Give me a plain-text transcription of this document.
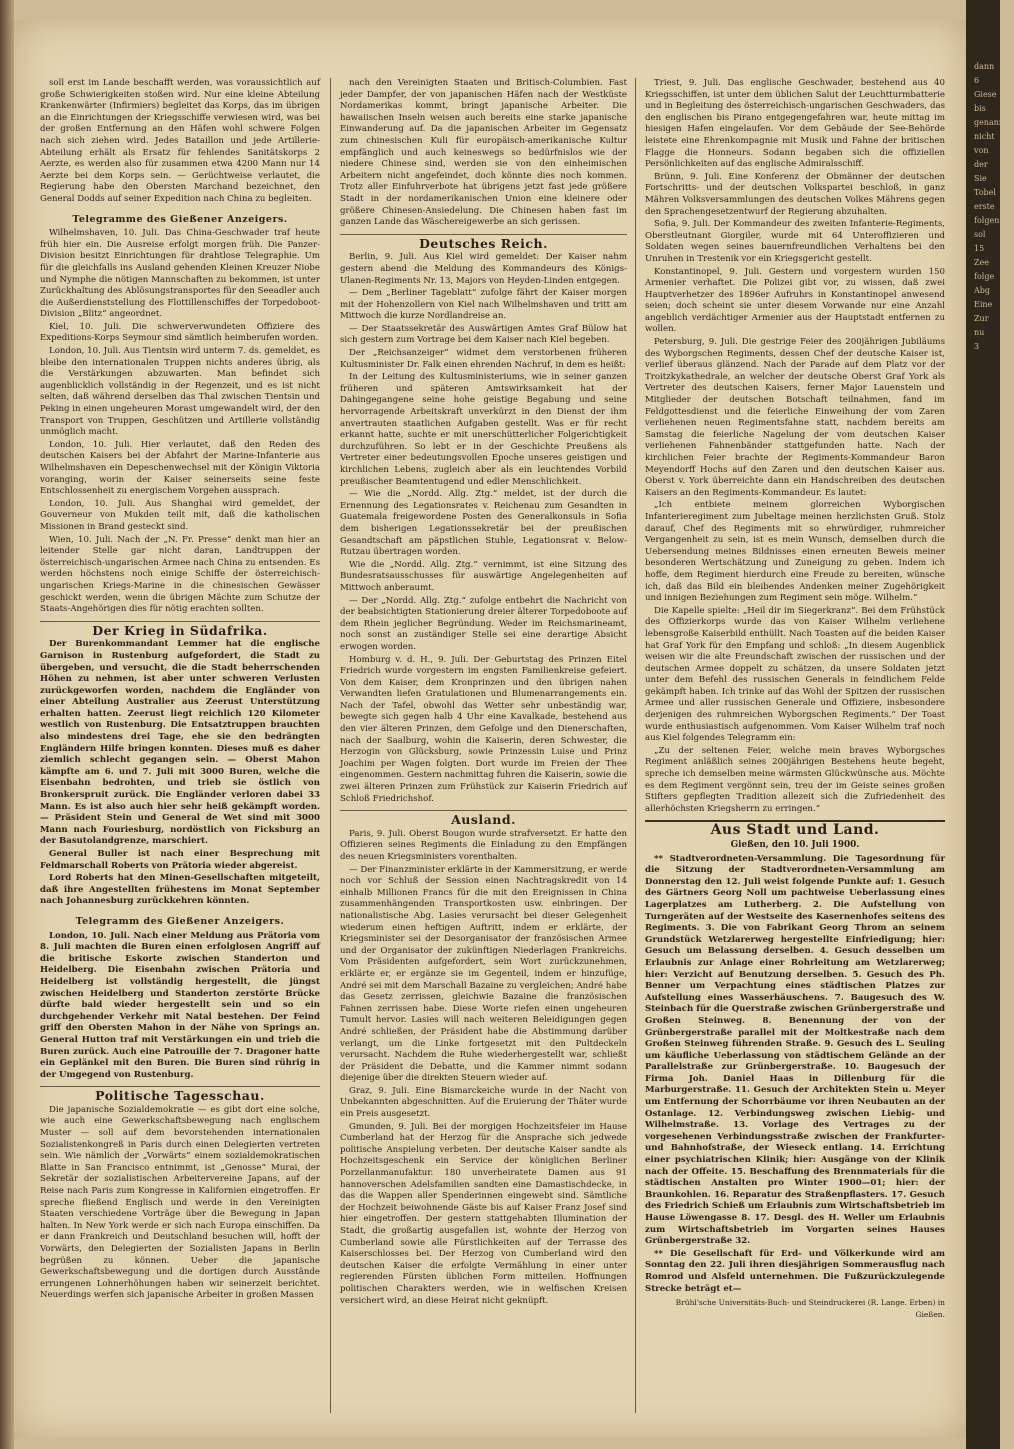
soll erst im Lande beschafft werden, was voraussichtlich auf große Schwierigkeiten stoßen wird. Nur eine kleine Abteilung Krankenwärter (Infirmiers) begleitet das Korps, das im übrigen an die Einrichtungen der Kriegsschiffe verwiesen wird, was bei der großen Entfernung an den Häfen wohl schwere Folgen nach sich ziehen wird. Jedes Bataillon und jede Artillerie-Abteilung erhält als Ersatz für fehlendes Sanitätskorps 2 Aerzte, es werden also für zusammen etwa 4200 Mann nur 14 Aerzte bei dem Korps sein. — Gerüchtweise verlautet, die Regierung habe den Obersten Marchand bezeichnet, den General Dodds auf seiner Expedition nach China zu begleiten.

Telegramme des Gießener Anzeigers.

Wilhelmshaven, 10. Juli. Das China-Geschwader traf heute früh hier ein. Die Ausreise erfolgt morgen früh. Die Panzer-Division besitzt Einrichtungen für drahtlose Telegraphie. Um für die gleichfalls ins Ausland gehenden Kleinen Kreuzer Niobe und Nymphe die nötigen Mannschaften zu bekommen, ist unter Zurückhaltung des Ablösungstransportes für den Seeadler auch die Außerdienststellung des Flottillenschiffes der Torpedoboot-Division „Blitz“ angeordnet.

Kiel, 10. Juli. Die schwerverwundeten Offiziere des Expeditions-Korps Seymour sind sämtlich heimberufen worden.

London, 10. Juli. Aus Tientsin wird unterm 7. ds. gemeldet, es bleibe den internationalen Truppen nichts anderes übrig, als die Verstärkungen abzuwarten. Man befindet sich augenblicklich vollständig in der Regenzeit, und es ist nicht selten, daß während derselben das Thal zwischen Tientsin und Peking in einen ungeheuren Morast umgewandelt wird, der den Transport von Truppen, Geschützen und Artillerie vollständig unmöglich macht.

London, 10. Juli. Hier verlautet, daß den Reden des deutschen Kaisers bei der Abfahrt der Marine-Infanterie aus Wilhelmshaven ein Depeschenwechsel mit der Königin Viktoria voranging, worin der Kaiser seinerseits seine feste Entschlossenheit zu energischem Vorgehen aussprach.

London, 10. Juli. Aus Shanghai wird gemeldet, der Gouverneur von Mukden teilt mit, daß die katholischen Missionen in Brand gesteckt sind.

Wien, 10. Juli. Nach der „N. Fr. Presse“ denkt man hier an leitender Stelle gar nicht daran, Landtruppen der österreichisch-ungarischen Armee nach China zu entsenden. Es werden höchstens noch einige Schiffe der österreichisch-ungarischen Kriegs-Marine in die chinesischen Gewässer geschickt werden, wenn die übrigen Mächte zum Schutze der Staats-Angehörigen dies für nötig erachten sollten.

Der Krieg in Südafrika.

Der Burenkommandant Lemmer hat die englische Garnison in Rustenburg aufgefordert, die Stadt zu übergeben, und versucht, die die Stadt beherrschenden Höhen zu nehmen, ist aber unter schweren Verlusten zurückgeworfen worden, nachdem die Engländer von einer Abteilung Australier aus Zeerust Unterstützung erhalten hatten. Zeerust liegt reichlich 120 Kilometer westlich von Rustenburg. Die Entsatztruppen brauchten also mindestens drei Tage, ehe sie den bedrängten Engländern Hilfe bringen konnten. Dieses muß es daher ziemlich schlecht gegangen sein. — Oberst Mahon kämpfte am 6. und 7. Juli mit 3000 Buren, welche die Eisenbahn bedrohten, und trieb sie östlich von Bronkerspruit zurück. Die Engländer verloren dabei 33 Mann. Es ist also auch hier sehr heiß gekämpft worden. — Präsident Stein und General de Wet sind mit 3000 Mann nach Fouriesburg, nordöstlich von Ficksburg an der Basutolandgrenze, marschiert.

General Buller ist nach einer Besprechung mit Feldmarschall Roberts von Prätoria wieder abgereist.

Lord Roberts hat den Minen-Gesellschaften mitgeteilt, daß ihre Angestellten frühestens im Monat September nach Johannesburg zurückkehren könnten.

Telegramm des Gießener Anzeigers.

London, 10. Juli. Nach einer Meldung aus Prätoria vom 8. Juli machten die Buren einen erfolglosen Angriff auf die britische Eskorte zwischen Standerton und Heidelberg. Die Eisenbahn zwischen Prätoria und Heidelberg ist vollständig hergestellt, die jüngst zwischen Heidelberg und Standerton zerstörte Brücke dürfte bald wieder hergestellt sein und so ein durchgehender Verkehr mit Natal bestehen. Der Feind griff den Obersten Mahon in der Nähe von Springs an. General Hutton traf mit Verstärkungen ein und trieb die Buren zurück. Auch eine Patrouille der 7. Dragoner hatte ein Geplänkel mit den Buren. Die Buren sind rührig in der Umgegend von Rustenburg.

Politische Tagesschau.

Die japanische Sozialdemokratie — es gibt dort eine solche, wie auch eine Gewerkschaftsbewegung nach englischem Muster — soll auf dem bevorstehenden internationalen Sozialistenkongreß in Paris durch einen Delegierten vertreten sein. Wie nämlich der „Vorwärts“ einem sozialdemokratischen Blatte in San Francisco entnimmt, ist „Genosse“ Murai, der Sekretär der sozialistischen Arbeitervereine Japans, auf der Reise nach Paris zum Kongresse in Kalifornien eingetroffen. Er spreche fließend Englisch und werde in den Vereinigten Staaten verschiedene Vorträge über die Bewegung in Japan halten. In New York werde er sich nach Europa einschiffen. Da er dann Frankreich und Deutschland besuchen will, hofft der Vorwärts, den Delegierten der Sozialisten Japans in Berlin begrüßen zu können. Ueber die japanische Gewerkschaftsbewegung und die dortigen durch Ausstände errungenen Lohnerhöhungen haben wir seinerzeit berichtet. Neuerdings werfen sich japanische Arbeiter in großen Massen

nach den Vereinigten Staaten und Britisch-Columbien. Fast jeder Dampfer, der von japanischen Häfen nach der Westküste Nordamerikas kommt, bringt japanische Arbeiter. Die hawaiischen Inseln weisen auch bereits eine starke japanische Einwanderung auf. Da die japanischen Arbeiter im Gegensatz zum chinesischen Kuli für europäisch-amerikanische Kultur empfänglich und auch keineswegs so bedürfnislos wie der niedere Chinese sind, werden sie von den einheimischen Arbeitern nicht angefeindet, doch könnte dies noch kommen. Trotz aller Einfuhrverbote hat übrigens jetzt fast jede größere Stadt in der nordamerikanischen Union eine kleinere oder größere Chinesen-Ansiedelung. Die Chinesen haben fast im ganzen Lande das Wäschereigewerbe an sich gerissen.

Deutsches Reich.

Berlin, 9. Juli. Aus Kiel wird gemeldet: Der Kaiser nahm gestern abend die Meldung des Kommandeurs des Königs-Ulanen-Regiments Nr. 13, Majors von Heyden-Linden entgegen.

— Dem „Berliner Tageblatt“ zufolge fährt der Kaiser morgen mit der Hohenzollern von Kiel nach Wilhelmshaven und tritt am Mittwoch die kurze Nordlandreise an.

— Der Staatssekretär des Auswärtigen Amtes Graf Bülow hat sich gestern zum Vortrage bei dem Kaiser nach Kiel begeben.

Der „Reichsanzeiger“ widmet dem verstorbenen früheren Kultusminister Dr. Falk einen ehrenden Nachruf, in dem es heißt:

In der Leitung des Kultusministeriums, wie in seiner ganzen früheren und späteren Amtswirksamkeit hat der Dahingegangene seine hohe geistige Begabung und seine hervorragende Arbeitskraft unverkürzt in den Dienst der ihm anvertrauten staatlichen Aufgaben gestellt. Was er für recht erkannt hatte, suchte er mit unerschütterlicher Folgerichtigkeit durchzuführen. So lebt er in der Geschichte Preußens als Vertreter einer bedeutungsvollen Epoche unseres geistigen und kirchlichen Lebens, zugleich aber als ein leuchtendes Vorbild preußischer Beamtentugend und edler Menschlichkeit.

— Wie die „Nordd. Allg. Ztg.“ meldet, ist der durch die Ernennung des Legationsrates v. Reichenau zum Gesandten in Guatemala freigewordene Posten des Generalkonsuls in Sofia dem bisherigen Legationssekretär bei der preußischen Gesandtschaft am päpstlichen Stuhle, Legationsrat v. Below-Rutzau übertragen worden.

Wie die „Nordd. Allg. Ztg.“ vernimmt, ist eine Sitzung des Bundesratsausschusses für auswärtige Angelegenheiten auf Mittwoch anberaumt.

— Der „Nordd. Allg. Ztg.“ zufolge entbehrt die Nachricht von der beabsichtigten Stationierung dreier älterer Torpedoboote auf dem Rhein jeglicher Begründung. Weder im Reichsmarineamt, noch sonst an zuständiger Stelle sei eine derartige Absicht erwogen worden.

Homburg v. d. H., 9. Juli. Der Geburtstag des Prinzen Eitel Friedrich wurde vorgestern im engsten Familienkreise gefeiert. Von dem Kaiser, dem Kronprinzen und den übrigen nahen Verwandten liefen Gratulationen und Blumenarrangements ein. Nach der Tafel, obwohl das Wetter sehr unbeständig war, bewegte sich gegen halb 4 Uhr eine Kavalkade, bestehend aus den vier älteren Prinzen, dem Gefolge und den Dienerschaften, nach der Saalburg, wohin die Kaiserin, deren Schwester, die Herzogin von Glücksburg, sowie Prinzessin Luise und Prinz Joachim per Wagen folgten. Dort wurde im Freien der Thee eingenommen. Gestern nachmittag fuhren die Kaiserin, sowie die zwei älteren Prinzen zum Frühstück zur Kaiserin Friedrich auf Schloß Friedrichshof.

Ausland.

Paris, 9. Juli. Oberst Bougon wurde strafversetzt. Er hatte den Offizieren seines Regiments die Einladung zu den Empfängen des neuen Kriegsministers vorenthalten.

— Der Finanzminister erklärte in der Kammersitzung, er werde noch vor Schluß der Session einen Nachtragskredit von 14 einhalb Millionen Francs für die mit den Ereignissen in China zusammenhängenden Transportkosten usw. einbringen. Der nationalistische Abg. Lasies verursacht bei dieser Gelegenheit wiederum einen heftigen Auftritt, indem er erklärte, der Kriegsminister sei der Desorganisator der französischen Armee und der Organisator der zukünftigen Niederlagen Frankreichs. Vom Präsidenten aufgefordert, sein Wort zurückzunehmen, erklärte er, er ergänze sie im Gegenteil, indem er hinzufüge, André sei mit dem Marschall Bazaine zu vergleichen; André habe das Gesetz zerrissen, gleichwie Bazaine die französischen Fahnen zerrissen habe. Diese Worte riefen einen ungeheuren Tumult hervor. Lasies will nach weiteren Beleidigungen gegen André schließen, der Präsident habe die Abstimmung darüber verlangt, um die Linke fortgesetzt mit den Pultdeckeln verursacht. Nachdem die Ruhe wiederhergestellt war, schließt der Präsident die Debatte, und die Kammer nimmt sodann diejenige über die direkten Steuern wieder auf.

Graz, 9. Juli. Eine Bismarckeiche wurde in der Nacht von Unbekannten abgeschnitten. Auf die Eruierung der Thäter wurde ein Preis ausgesetzt.

Gmunden, 9. Juli. Bei der morgigen Hochzeitsfeier im Hause Cumberland hat der Herzog für die Ansprache sich jedwede politische Anspielung verbeten. Der deutsche Kaiser sandte als Hochzeitsgeschenk ein Service der königlichen Berliner Porzellanmanufaktur. 180 unverheiratete Damen aus 91 hannoverschen Adelsfamilien sandten eine Damastischdecke, in das die Wappen aller Spenderinnen eingewebt sind. Sämtliche der Hochzeit beiwohnende Gäste bis auf Kaiser Franz Josef sind hier eingetroffen. Der gestern stattgehabten Illumination der Stadt, die großartig ausgefallen ist, wohnte der Herzog von Cumberland sowie alle Fürstlichkeiten auf der Terrasse des Kaiserschlosses bei. Der Herzog von Cumberland wird den deutschen Kaiser die erfolgte Vermählung in einer unter regierenden Fürsten üblichen Form mitteilen. Hoffnungen politischen Charakters werden, wie in welfischen Kreisen versichert wird, an diese Heirat nicht geknüpft.

Triest, 9. Juli. Das englische Geschwader, bestehend aus 40 Kriegsschiffen, ist unter dem üblichen Salut der Leuchtturmbatterie und in Begleitung des österreichisch-ungarischen Geschwaders, das den englischen bis Pirano entgegengefahren war, heute mittag im hiesigen Hafen eingelaufen. Vor dem Gebäude der See-Behörde leistete eine Ehrenkompagnie mit Musik und Fahne der britischen Flagge die Honneurs. Sodann begaben sich die offiziellen Persönlichkeiten auf das englische Admiralsschiff.

Brünn, 9. Juli. Eine Konferenz der Obmänner der deutschen Fortschritts- und der deutschen Volkspartei beschloß, in ganz Mähren Volksversammlungen des deutschen Volkes Mährens gegen den Sprachengesetzentwurf der Regierung abzuhalten.

Sofia, 9. Juli. Der Kommandeur des zweiten Infanterie-Regiments, Oberstleutnant Giorgiler, wurde mit 64 Unteroffizieren und Soldaten wegen seines bauernfreundlichen Verhaltens bei den Unruhen in Trestenik vor ein Kriegsgericht gestellt.

Konstantinopel, 9. Juli. Gestern und vorgestern wurden 150 Armenier verhaftet. Die Polizei gibt vor, zu wissen, daß zwei Hauptverhetzer des 1896er Aufruhrs in Konstantinopel anwesend seien; doch scheint sie unter diesem Vorwande nur eine Anzahl angeblich verdächtiger Armenier aus der Hauptstadt entfernen zu wollen.

Petersburg, 9. Juli. Die gestrige Feier des 200jährigen Jubiläums des Wyborgschen Regiments, dessen Chef der deutsche Kaiser ist, verlief überaus glänzend. Nach der Parade auf dem Platz vor der Troitzkykathedrale, an welcher der deutsche Oberst Graf York als Vertreter des deutschen Kaisers, ferner Major Lauenstein und Mitglieder der deutschen Botschaft teilnahmen, fand im Feldgottesdienst und die feierliche Einweihung der vom Zaren verliehenen neuen Regimentsfahne statt, nachdem bereits am Samstag die feierliche Nagelung der vom deutschen Kaiser verliehenen Fahnenbänder stattgefunden hatte. Nach der kirchlichen Feier brachte der Regiments-Kommandeur Baron Meyendorff Hochs auf den Zaren und den deutschen Kaiser aus. Oberst v. York überreichte dann ein Handschreiben des deutschen Kaisers an den Regiments-Kommandeur. Es lautet:

„Ich entbiete meinem glorreichen Wyborgischen Infanterieregiment zum Jubeltage meinen herzlichsten Gruß. Stolz darauf, Chef des Regiments mit so ehrwürdiger, ruhmreicher Vergangenheit zu sein, ist es mein Wunsch, demselben durch die Uebersendung meines Bildnisses einen erneuten Beweis meiner besonderen Wertschätzung und Zuneigung zu geben. Indem ich hoffe, dem Regiment hierdurch eine Freude zu bereiten, wünsche ich, daß das Bild ein bleibendes Andenken meiner Zugehörigkeit und innigen Beziehungen zum Regiment sein möge. Wilhelm.“

Die Kapelle spielte: „Heil dir im Siegerkranz“. Bei dem Frühstück des Offizierkorps wurde das von Kaiser Wilhelm verliehene lebensgroße Kaiserbild enthüllt. Nach Toasten auf die beiden Kaiser hat Graf York für den Empfang und schloß: „In diesem Augenblick weisen wir die alte Freundschaft zwischen der russischen und der deutschen Armee doppelt zu schätzen, da unsere Soldaten jetzt unter dem Befehl des russischen Generals in feindlichem Felde gekämpft haben. Ich trinke auf das Wohl der Spitzen der russischen Armee und aller russischen Generale und Offiziere, insbesondere derjenigen des ruhmreichen Wyborgschen Regiments.“ Der Toast wurde enthusiastisch aufgenommen. Vom Kaiser Wilhelm traf noch aus Kiel folgendes Telegramm ein:

„Zu der seltenen Feier, welche mein braves Wyborgsches Regiment anläßlich seines 200jährigen Bestehens heute begeht, spreche ich demselben meine wärmsten Glückwünsche aus. Möchte es dem Regiment vergönnt sein, treu der im Geiste seines großen Stifters gepflegten Tradition allezeit sich die Zufriedenheit des allerhöchsten Kriegsherrn zu erringen.“

Aus Stadt und Land.
Gießen, den 10. Juli 1900.

** Stadtverordneten-Versammlung. Die Tagesordnung für die Sitzung der Stadtverordneten-Versammlung am Donnerstag den 12. Juli weist folgende Punkte auf: 1. Gesuch des Gärtners Georg Noll um pachtweise Ueberlassung eines Lagerplatzes am Lutherberg. 2. Die Aufstellung von Turngeräten auf der Westseite des Kasernenhofes seitens des Regiments. 3. Die von Fabrikant Georg Throm an seinem Grundstück Wetzlarerweg hergestellte Einfriedigung; hier: Gesuch um Belassung derselben. 4. Gesuch desselben um Erlaubnis zur Anlage einer Rohrleitung am Wetzlarerweg; hier: Verzicht auf Benutzung derselben. 5. Gesuch des Ph. Benner um Verpachtung eines städtischen Platzes zur Aufstellung eines Wasserhäuschens. 7. Baugesuch des W. Steinbach für die Querstraße zwischen Grünbergerstraße und Großen Steinweg. 8. Benennung der von der Grünbergerstraße parallel mit der Moltkestraße nach dem Großen Steinweg führenden Straße. 9. Gesuch des L. Seuling um käufliche Ueberlassung von städtischem Gelände an der Parallelstraße zur Grünbergerstraße. 10. Baugesuch der Firma Joh. Daniel Haas in Dillenburg für die Marburgerstraße. 11. Gesuch der Architekten Stein u. Meyer um Entfernung der Schorrbäume vor ihren Neubauten an der Ostanlage. 12. Verbindungsweg zwischen Liebig- und Wilhelmstraße. 13. Vorlage des Vertrages zu der vorgesehenen Verbindungsstraße zwischen der Frankfurter- und Bahnhofstraße, der Wieseck entlang. 14. Errichtung einer psychiatrischen Klinik; hier: Ausgänge von der Klinik nach der Offeite. 15. Beschaffung des Brennmaterials für die städtischen Anstalten pro Winter 1900—01; hier: der Braunkohlen. 16. Reparatur des Straßenpflasters. 17. Gesuch des Friedrich Schieß um Erlaubnis zum Wirtschaftsbetrieb im Hause Löwengasse 8. 17. Desgl. des H. Weller um Erlaubnis zum Wirtschaftsbetrieb im Vorgarten seines Hauses Grünbergerstraße 32.

** Die Gesellschaft für Erd- und Völkerkunde wird am Sonntag den 22. Juli ihren diesjährigen Sommerausflug nach Romrod und Alsfeld unternehmen. Die Fußzurückzulegende Strecke beträgt et—

Brühl'sche Universitäts-Buch- und Steindruckerei (R. Lange. Erben) in Gießen.

dann
6
Giese
bis
genannt
nicht
von
der
Sie
Tobel
erste
folgen
sol
15
Zee
folge
Abg
Eine
Zur
nu
3
